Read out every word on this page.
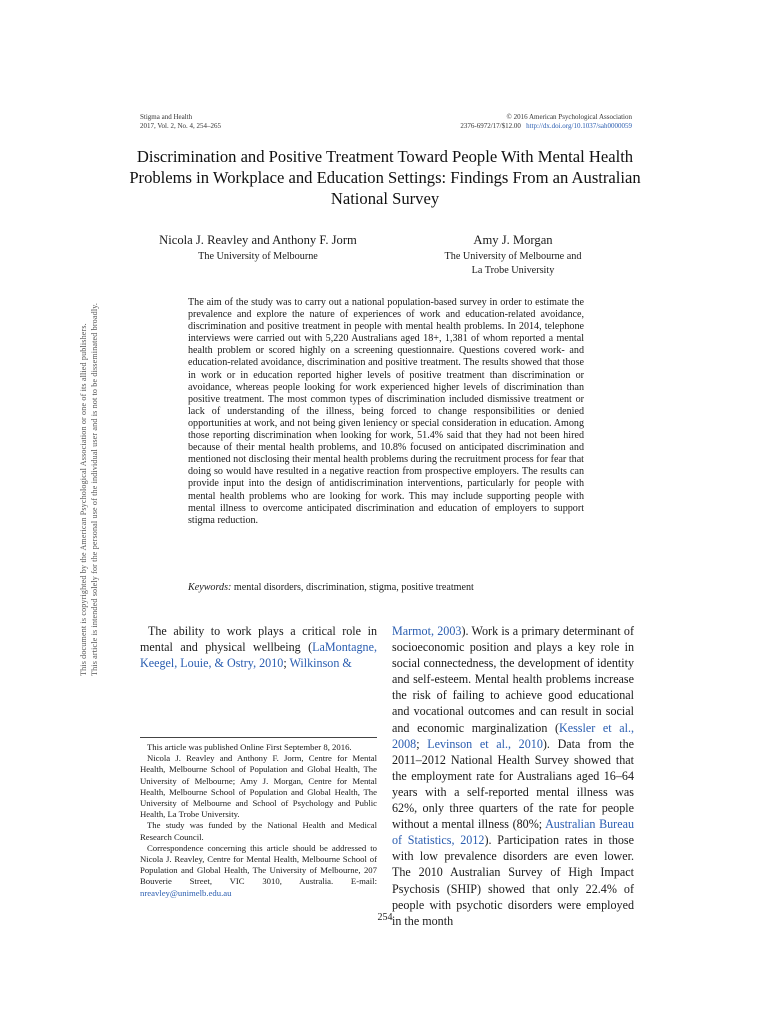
Stigma and Health
2017, Vol. 2, No. 4, 254–265
© 2016 American Psychological Association
2376-6972/17/$12.00 http://dx.doi.org/10.1037/sah0000059
Discrimination and Positive Treatment Toward People With Mental Health Problems in Workplace and Education Settings: Findings From an Australian National Survey
Nicola J. Reavley and Anthony F. Jorm
The University of Melbourne
Amy J. Morgan
The University of Melbourne and
La Trobe University
The aim of the study was to carry out a national population-based survey in order to estimate the prevalence and explore the nature of experiences of work and education-related avoidance, discrimination and positive treatment in people with mental health problems. In 2014, telephone interviews were carried out with 5,220 Australians aged 18+, 1,381 of whom reported a mental health problem or scored highly on a screening questionnaire. Questions covered work- and education-related avoidance, discrimination and positive treatment. The results showed that those in work or in education reported higher levels of positive treatment than discrimination or avoidance, whereas people looking for work experienced higher levels of discrimination than positive treatment. The most common types of discrimination included dismissive treatment or lack of understanding of the illness, being forced to change responsibilities or denied opportunities at work, and not being given leniency or special consideration in education. Among those reporting discrimination when looking for work, 51.4% said that they had not been hired because of their mental health problems, and 10.8% focused on anticipated discrimination and mentioned not disclosing their mental health problems during the recruitment process for fear that doing so would have resulted in a negative reaction from prospective employers. The results can provide input into the design of antidiscrimination interventions, particularly for people with mental health problems who are looking for work. This may include supporting people with mental illness to overcome anticipated discrimination and education of employers to support stigma reduction.
Keywords: mental disorders, discrimination, stigma, positive treatment
The ability to work plays a critical role in mental and physical wellbeing (LaMontagne, Keegel, Louie, & Ostry, 2010; Wilkinson &
Marmot, 2003). Work is a primary determinant of socioeconomic position and plays a key role in social connectedness, the development of identity and self-esteem. Mental health problems increase the risk of failing to achieve good educational and vocational outcomes and can result in social and economic marginalization (Kessler et al., 2008; Levinson et al., 2010). Data from the 2011–2012 National Health Survey showed that the employment rate for Australians aged 16–64 years with a self-reported mental illness was 62%, only three quarters of the rate for people without a mental illness (80%; Australian Bureau of Statistics, 2012). Participation rates in those with low prevalence disorders are even lower. The 2010 Australian Survey of High Impact Psychosis (SHIP) showed that only 22.4% of people with psychotic disorders were employed in the month

This article was published Online First September 8, 2016.

Nicola J. Reavley and Anthony F. Jorm, Centre for Mental Health, Melbourne School of Population and Global Health, The University of Melbourne; Amy J. Morgan, Centre for Mental Health, Melbourne School of Population and Global Health, The University of Melbourne and School of Psychology and Public Health, La Trobe University.

The study was funded by the National Health and Medical Research Council.

Correspondence concerning this article should be addressed to Nicola J. Reavley, Centre for Mental Health, Melbourne School of Population and Global Health, The University of Melbourne, 207 Bouverie Street, VIC 3010, Australia. E-mail: nreavley@unimelb.edu.au

This document is copyrighted by the American Psychological Association or one of its allied publishers. This article is intended solely for the personal use of the individual user and is not to be disseminated broadly.
254
